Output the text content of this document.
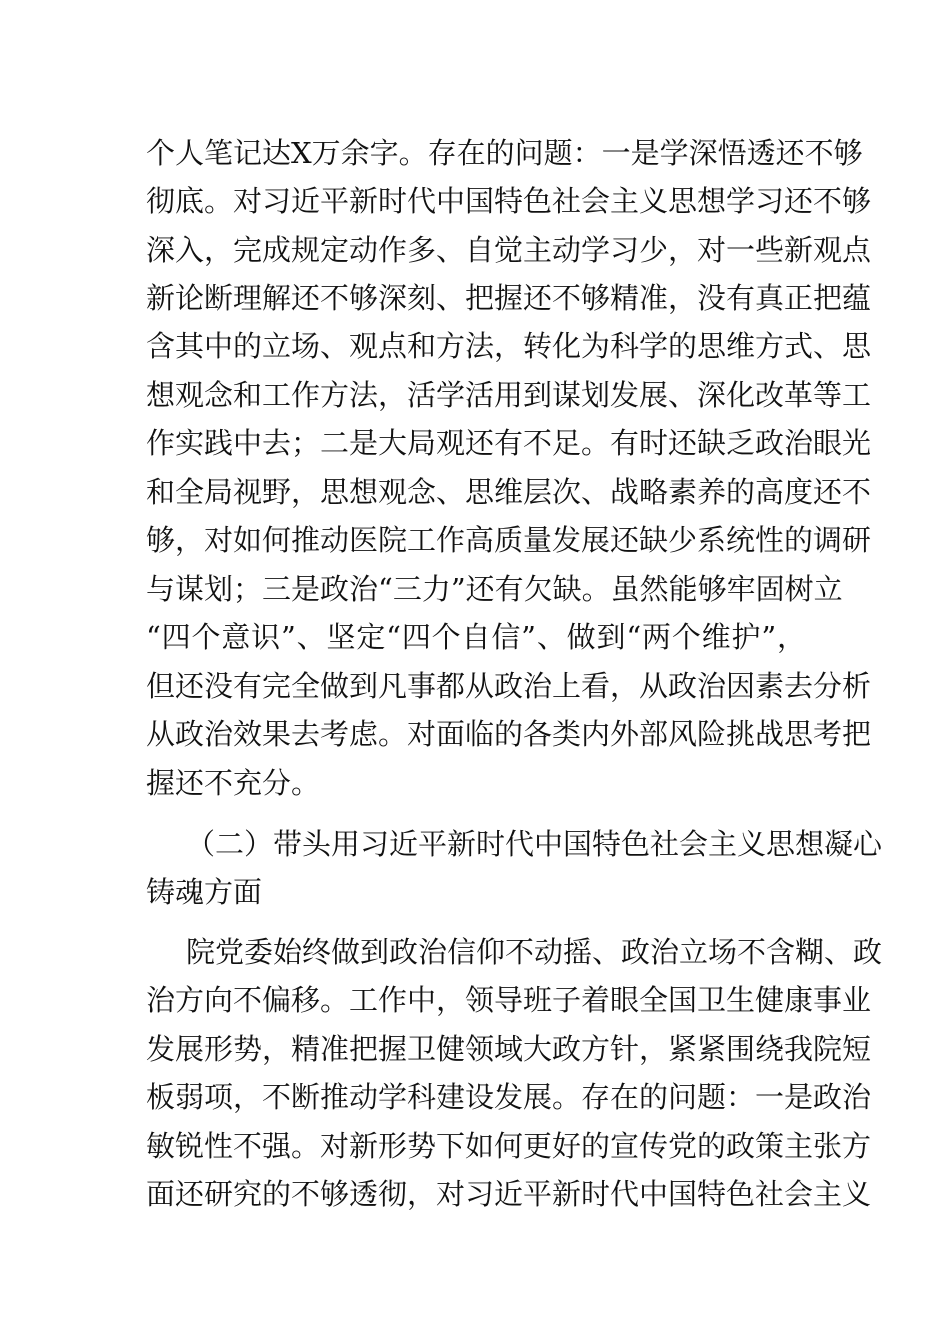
个人笔记达X万余字。存在的问题：一是学深悟透还不够
彻底。对习近平新时代中国特色社会主义思想学习还不够
深入，完成规定动作多、自觉主动学习少，对一些新观点
新论断理解还不够深刻、把握还不够精准，没有真正把蕴
含其中的立场、观点和方法，转化为科学的思维方式、思
想观念和工作方法，活学活用到谋划发展、深化改革等工
作实践中去；二是大局观还有不足。有时还缺乏政治眼光
和全局视野，思想观念、思维层次、战略素养的高度还不
够，对如何推动医院工作高质量发展还缺少系统性的调研
与谋划；三是政治“三力”还有欠缺。虽然能够牢固树立
“四个意识”、坚定“四个自信”、做到“两个维护”，
但还没有完全做到凡事都从政治上看，从政治因素去分析
从政治效果去考虑。对面临的各类内外部风险挑战思考把
握还不充分。
（二）带头用习近平新时代中国特色社会主义思想凝心
铸魂方面
院党委始终做到政治信仰不动摇、政治立场不含糊、政
治方向不偏移。工作中，领导班子着眼全国卫生健康事业
发展形势，精准把握卫健领域大政方针，紧紧围绕我院短
板弱项，不断推动学科建设发展。存在的问题：一是政治
敏锐性不强。对新形势下如何更好的宣传党的政策主张方
面还研究的不够透彻，对习近平新时代中国特色社会主义
